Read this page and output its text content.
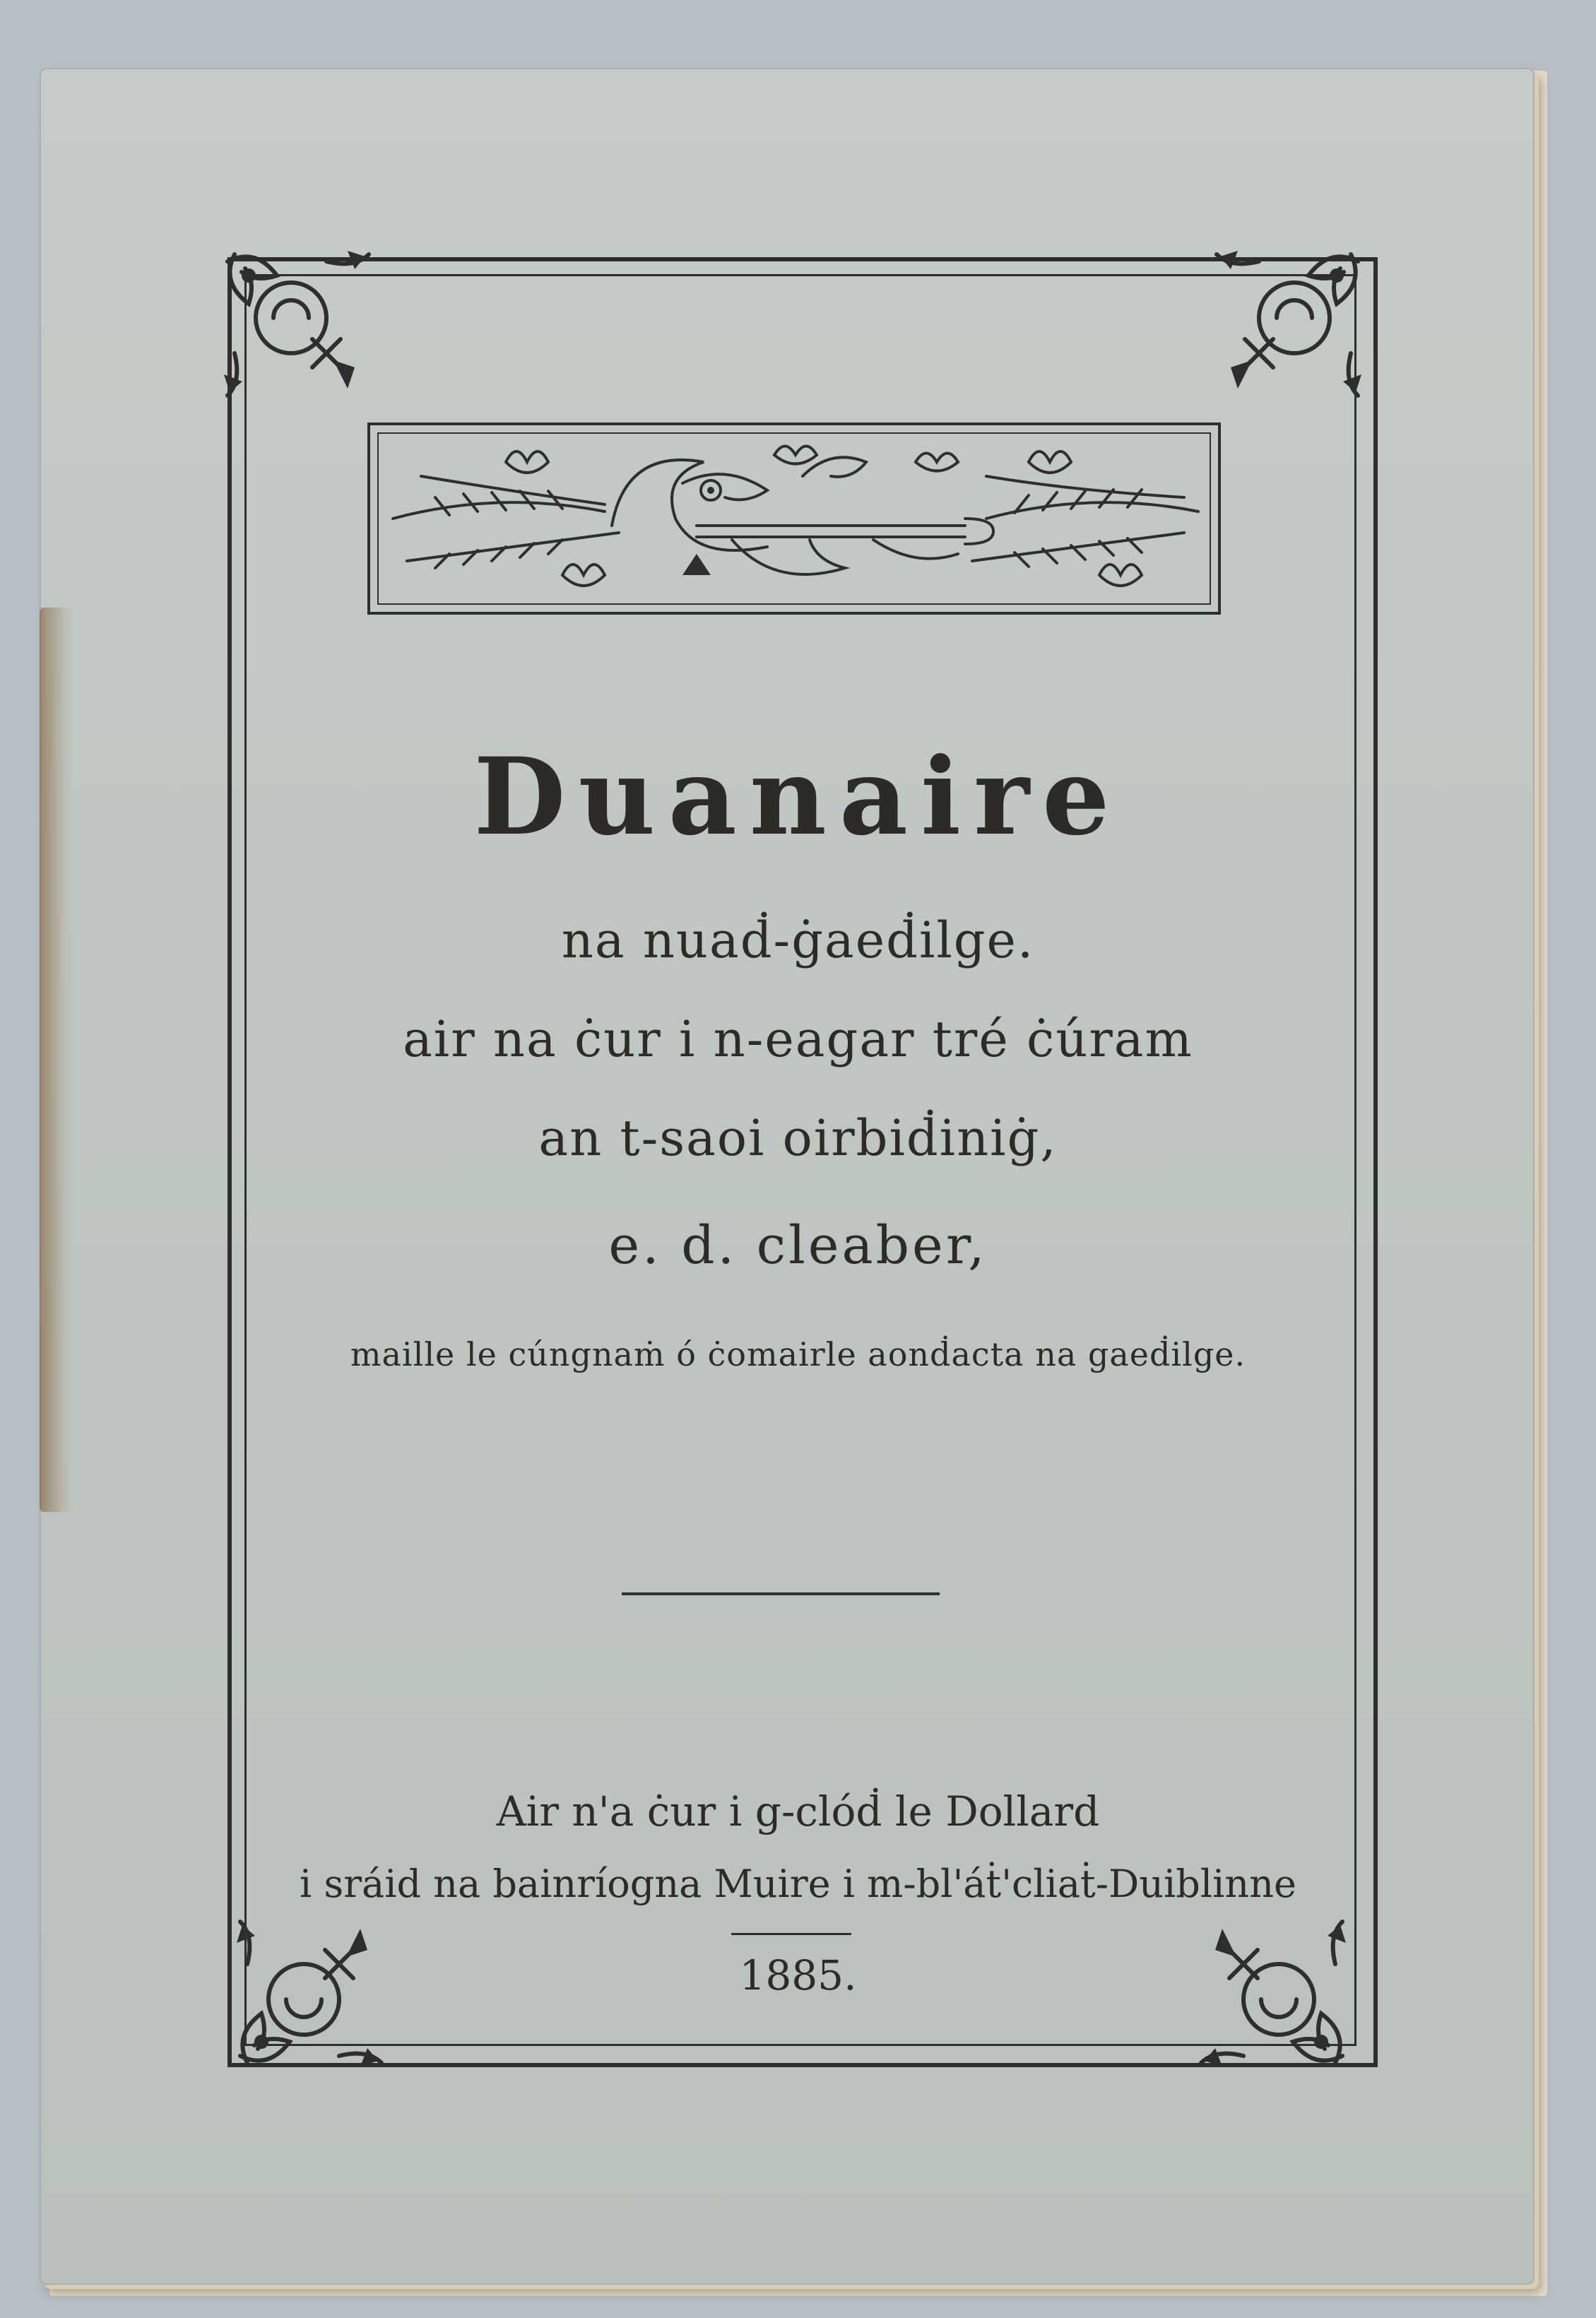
Duanaire
na nuaḋ-ġaeḋilge.
air na ċur i n-eagar tré ċúram
an t-saoi oirbiḋiniġ,
e. d. cleaber,
maille le cúngnaṁ ó ċomairle aonḋacta na gaeḋilge.
Air n'a ċur i g-clóḋ le Dollard
i sráid na bainríogna Muire i m-bl'áṫ'cliaṫ-Duiblinne
1885.
